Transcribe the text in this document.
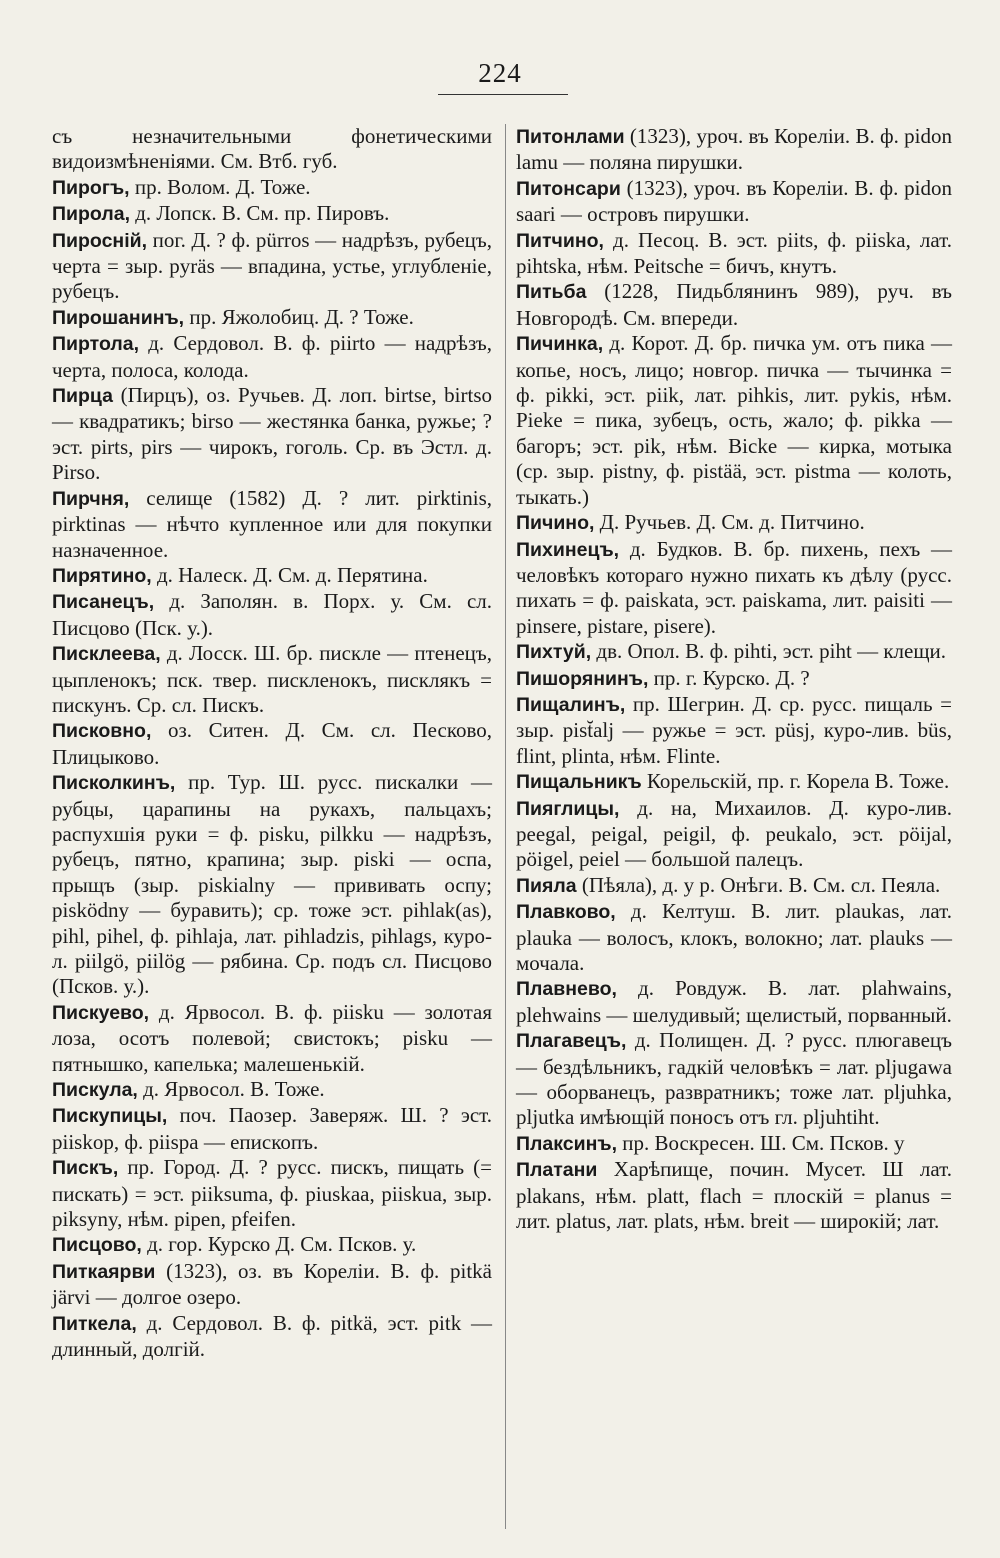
224

съ незначительными фонетическими видоизмѣненіями. См. Втб. губ.

Пирогъ, пр. Волом. Д. Тоже.

Пирола, д. Лопск. В. См. пр. Пировъ.

Пиросній, пог. Д. ? ф. pürros — надрѣзъ, рубецъ, черта = зыр. pyräs — впадина, устье, углубленіе, рубецъ.

Пирошанинъ, пр. Яжолобиц. Д. ? Тоже.

Пиртола, д. Сердовол. В. ф. piirto — надрѣзъ, черта, полоса, колода.

Пирца (Пирцъ), оз. Ручьев. Д. лоп. birtse, birtso — квадратикъ; birso — жестянка банка, ружье; ? эст. pirts, pirs — чирокъ, гоголь. Ср. въ Эстл. д. Pirso.

Пирчня, селище (1582) Д. ? лит. pirktinis, pirktinas — нѣчто купленное или для покупки назначенное.

Пирятино, д. Налеск. Д. См. д. Перятина.

Писанецъ, д. Заполян. в. Порх. у. См. сл. Писцово (Пск. у.).

Писклеева, д. Лосск. Ш. бр. пискле — птенецъ, цыпленокъ; пск. твер. пискленокъ, писклякъ = пискунъ. Ср. сл. Пискъ.

Писковно, оз. Ситен. Д. См. сл. Песково, Плицыково.

Писколкинъ, пр. Тур. Ш. русс. пискалки — рубцы, царапины на рукахъ, пальцахъ; распухшія руки = ф. pisku, pilkku — надрѣзъ, рубецъ, пятно, крапина; зыр. piski — оспа, прыщъ (зыр. piskialny — прививать оспу; pisködny — буравить); ср. тоже эст. pihlak(as), pihl, pihel, ф. pihlaja, лат. pihladzis, pihlags, куро-л. piilgö, piilög — рябина. Ср. подъ сл. Писцово (Псков. у.).

Пискуево, д. Ярвосол. В. ф. piisku — золотая лоза, осотъ полевой; свистокъ; pisku — пятнышко, капелька; малешенькій.

Пискула, д. Ярвосол. В. Тоже.

Пискупицы, поч. Паозер. Заверяж. Ш. ? эст. piiskop, ф. piispa — епископъ.

Пискъ, пр. Город. Д. ? русс. пискъ, пищать (= пискать) = эст. piiksuma, ф. piuskaa, piiskua, зыр. piksyny, нѣм. pipen, pfeifen.

Писцово, д. гор. Курско Д. См. Псков. у.

Питкаярви (1323), оз. въ Кореліи. В. ф. pitkä järvi — долгое озеро.

Питкела, д. Сердовол. В. ф. pitkä, эст. pitk — длинный, долгій.

Питонлами (1323), уроч. въ Кореліи. В. ф. pidon lamu — поляна пирушки.

Питонсари (1323), уроч. въ Кореліи. В. ф. pidon saari — островъ пирушки.

Питчино, д. Песоц. В. эст. piits, ф. piiska, лат. pihtska, нѣм. Peitsche = бичъ, кнутъ.

Питьба (1228, Пидьблянинъ 989), руч. въ Новгородѣ. См. впереди.

Пичинка, д. Корот. Д. бр. пичка ум. отъ пика — копье, носъ, лицо; новгор. пичка — тычинка = ф. pikki, эст. piik, лат. pihkis, лит. pykis, нѣм. Pieke = пика, зубецъ, ость, жало; ф. pikka — багоръ; эст. pik, нѣм. Bicke — кирка, мотыка (ср. зыр. pistny, ф. pistää, эст. pistma — колоть, тыкать.)

Пичино, Д. Ручьев. Д. См. д. Питчино.

Пихинецъ, д. Будков. В. бр. пихень, пехъ — человѣкъ котораго нужно пихать къ дѣлу (русс. пихать = ф. paiskata, эст. paiskama, лит. paisiti — pinsere, pistare, pisere).

Пихтуй, дв. Опол. В. ф. pihti, эст. piht — клещи.

Пишорянинъ, пр. г. Курско. Д. ?

Пищалинъ, пр. Шегрин. Д. ср. русс. пищаль = зыр. pist̆alj — ружье = эст. püsj, куро-лив. büs, flint, plinta, нѣм. Flinte.

Пищальникъ Корельскій, пр. г. Корела В. Тоже.

Пияглицы, д. на, Михаилов. Д. куро-лив. peegal, peigal, peigil, ф. peukalo, эст. pöijal, pöigel, peiel — большой палецъ.

Пияла (Пѣяла), д. у р. Онѣги. В. См. сл. Пеяла.

Плавково, д. Келтуш. В. лит. plaukas, лат. plauka — волосъ, клокъ, волокно; лат. plauks — мочала.

Плавнево, д. Ровдуж. В. лат. plahwains, plehwains — шелудивый; щелистый, порванный.

Плагавецъ, д. Полищен. Д. ? русс. плюгавецъ — бездѣльникъ, гадкій человѣкъ = лат. pljugawa — оборванецъ, развратникъ; тоже лат. pljuhka, pljutka имѣющій поносъ отъ гл. pljuhtiht.

Плаксинъ, пр. Воскресен. Ш. См. Псков. у

Платани Харѣпище, почин. Мусет. Ш лат. plakans, нѣм. platt, flach = плоскій = planus = лит. platus, лат. plats, нѣм. breit — широкій; лат.
